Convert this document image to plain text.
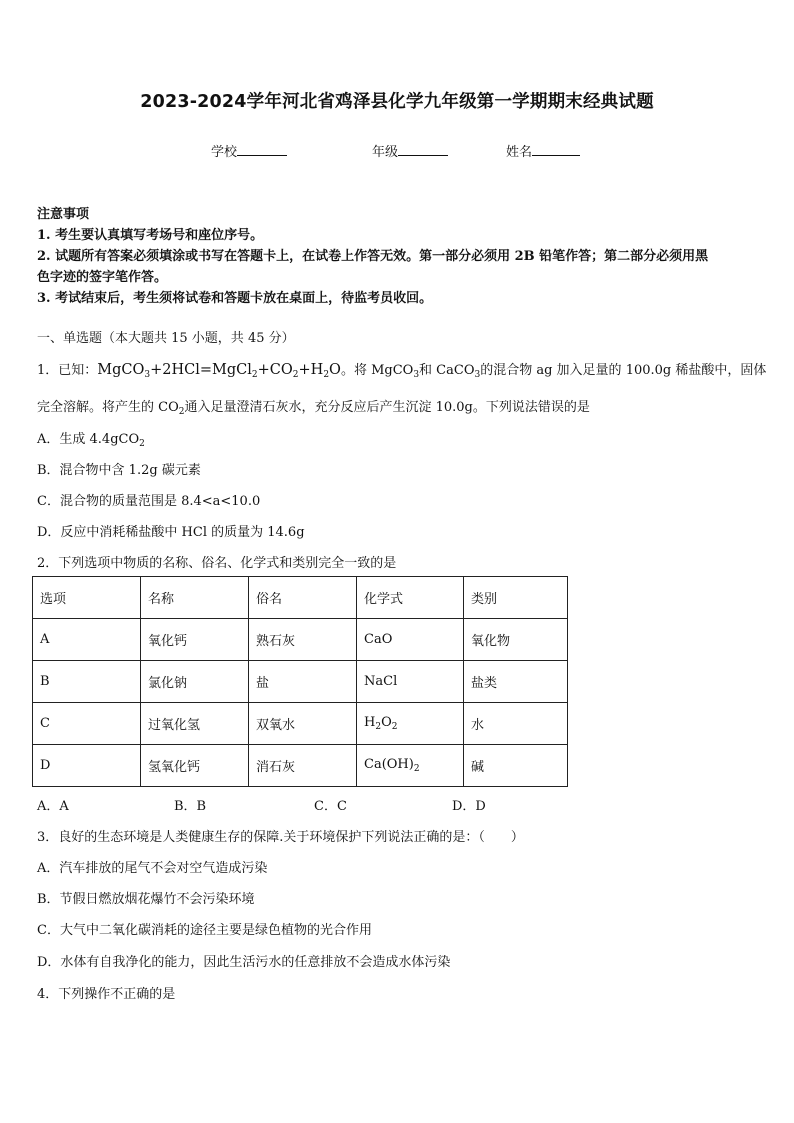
2023-2024学年河北省鸡泽县化学九年级第一学期期末经典试题
学校	年级	姓名
注意事项
1. 考生要认真填写考场号和座位序号。
2. 试题所有答案必须填涂或书写在答题卡上，在试卷上作答无效。第一部分必须用 2B 铅笔作答；第二部分必须用黑
色字迹的签字笔作答。
3. 考试结束后，考生须将试卷和答题卡放在桌面上，待监考员收回。
一、单选题（本大题共 15 小题，共 45 分）
1．已知：$MgCO_3+2HCl=MgCl_2+CO_2+H_2O$。将 MgCO$_3$和 CaCO$_3$的混合物 ag 加入足量的 100.0g 稀盐酸中，固体
完全溶解。将产生的 $CO_2$通入足量澄清石灰水，充分反应后产生沉淀 10.0g。下列说法错误的是
A．生成 4.4gCO$_2$
B．混合物中含 1.2g 碳元素
C．混合物的质量范围是 8.4<a<10.0
D．反应中消耗稀盐酸中 HCl 的质量为 14.6g
2．下列选项中物质的名称、俗名、化学式和类别完全一致的是
选项	名称	俗名	化学式	类别
A	氧化钙	熟石灰	CaO	氧化物
B	氯化钠	盐	NaCl	盐类
C	过氧化氢	双氧水	$H_2O_2$	水
D	氢氧化钙	消石灰	$Ca(OH)_2$	碱
A．A	B．B	C．C	D．D
3．良好的生态环境是人类健康生存的保障.关于环境保护下列说法正确的是：（　　）
A．汽车排放的尾气不会对空气造成污染
B．节假日燃放烟花爆竹不会污染环境
C．大气中二氧化碳消耗的途径主要是绿色植物的光合作用
D．水体有自我净化的能力，因此生活污水的任意排放不会造成水体污染
4．下列操作不正确的是
